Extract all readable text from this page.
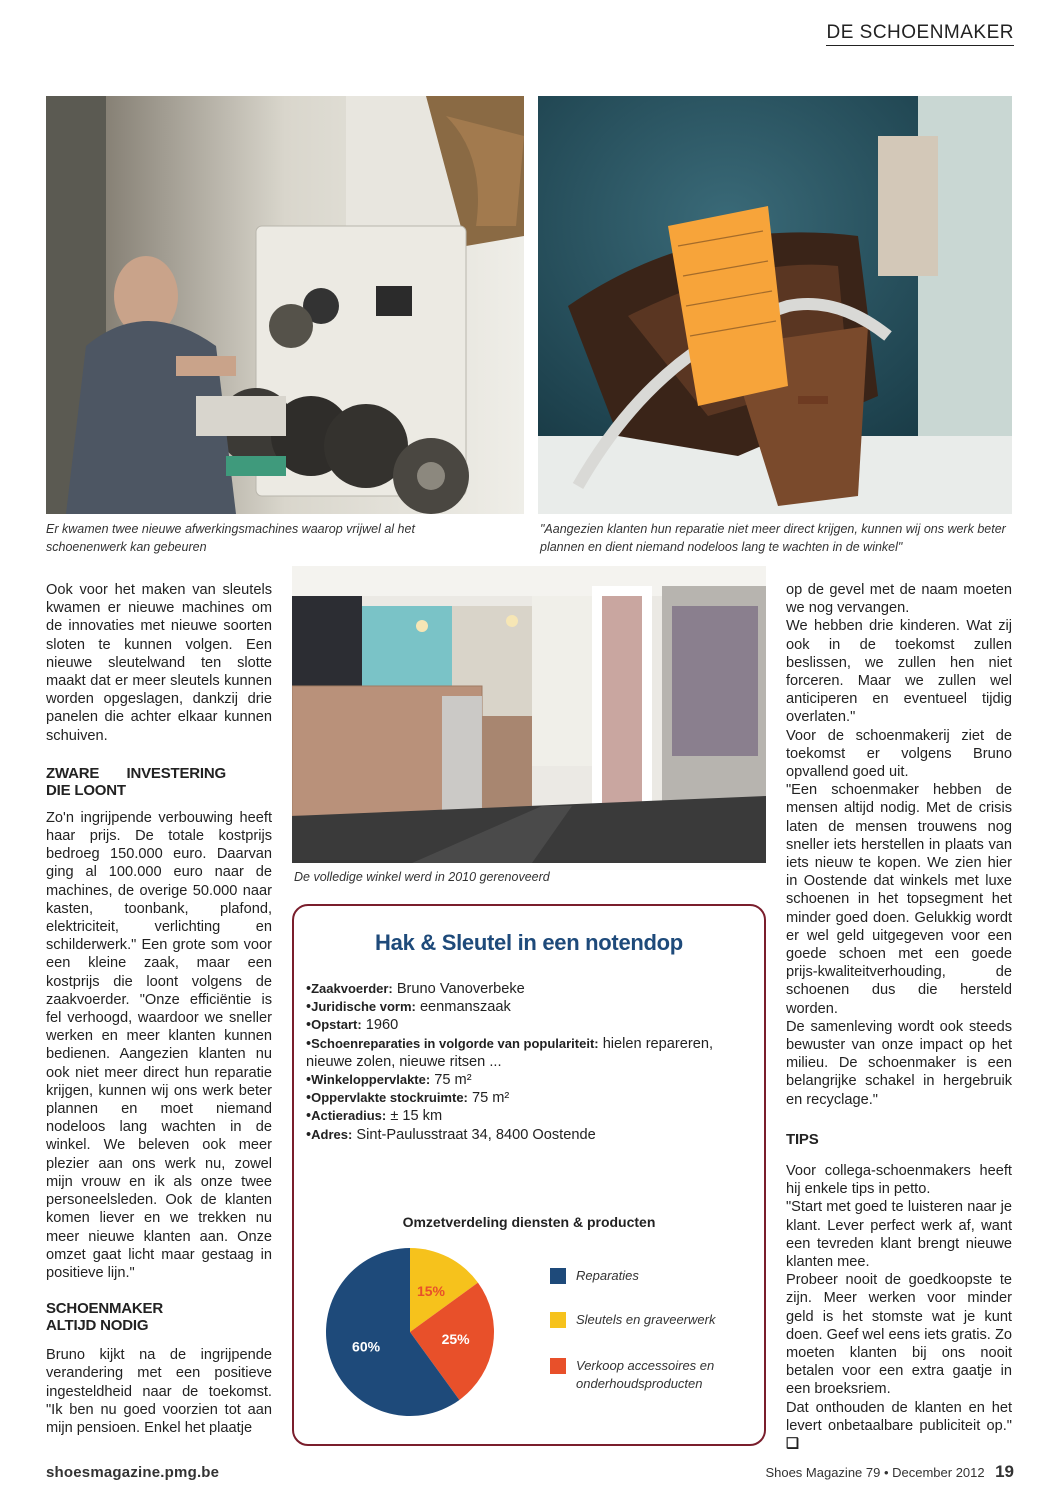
DE SCHOENMAKER
Er kwamen twee nieuwe afwerkingsmachines waarop vrijwel al het schoenenwerk kan gebeuren
"Aangezien klanten hun reparatie niet meer direct krijgen, kunnen wij ons werk beter plannen en dient niemand nodeloos lang te wachten in de winkel"

Ook voor het maken van sleutels kwamen er nieuwe machines om de innovaties met nieuwe soorten sloten te kunnen volgen. Een nieuwe sleutelwand ten slotte maakt dat er meer sleutels kunnen worden opgeslagen, dankzij drie panelen die achter elkaar kunnen schuiven.

ZWARE INVESTERING DIE LOONT

Zo'n ingrijpende verbouwing heeft haar prijs. De totale kostprijs bedroeg 150.000 euro. Daarvan ging al 100.000 euro naar de machines, de overige 50.000 naar kasten, toonbank, plafond, elektriciteit, verlichting en schilderwerk." Een grote som voor een kleine zaak, maar een kostprijs die loont volgens de zaakvoerder. "Onze efficiëntie is fel verhoogd, waardoor we sneller werken en meer klanten kunnen bedienen. Aangezien klanten nu ook niet meer direct hun reparatie krijgen, kunnen wij ons werk beter plannen en moet niemand nodeloos lang wachten in de winkel. We beleven ook meer plezier aan ons werk nu, zowel mijn vrouw en ik als onze twee personeelsleden. Ook de klanten komen liever en we trekken nu meer nieuwe klanten aan. Onze omzet gaat licht maar gestaag in positieve lijn."

SCHOENMAKER ALTIJD NODIG

Bruno kijkt na de ingrijpende verandering met een positieve ingesteldheid naar de toekomst. "Ik ben nu goed voorzien tot aan mijn pensioen. Enkel het plaatje

De volledige winkel werd in 2010 gerenoveerd
Hak & Sleutel in een notendop
•Zaakvoerder: Bruno Vanoverbeke
•Juridische vorm: eenmanszaak
•Opstart: 1960
•Schoenreparaties in volgorde van populariteit: hielen repareren, nieuwe zolen, nieuwe ritsen ...
•Winkeloppervlakte: 75 m²
•Oppervlakte stockruimte: 75 m²
•Actieradius: ± 15 km
•Adres: Sint-Paulusstraat 34, 8400 Oostende
Omzetverdeling diensten & producten
15%
25%
60%
Reparaties
Sleutels en graveerwerk
Verkoop accessoires en onderhoudsproducten

op de gevel met de naam moeten we nog vervangen.

We hebben drie kinderen. Wat zij ook in de toekomst zullen beslissen, we zullen hen niet forceren. Maar we zullen wel anticiperen en eventueel tijdig overlaten."

Voor de schoenmakerij ziet de toekomst er volgens Bruno opvallend goed uit.

"Een schoenmaker hebben de mensen altijd nodig. Met de crisis laten de mensen trouwens nog sneller iets herstellen in plaats van iets nieuw te kopen. We zien hier in Oostende dat winkels met luxe schoenen in het topsegment het minder goed doen. Gelukkig wordt er wel geld uitgegeven voor een goede schoen met een goede prijs-kwaliteitverhouding, de schoenen dus die hersteld worden.

De samenleving wordt ook steeds bewuster van onze impact op het milieu. De schoenmaker is een belangrijke schakel in hergebruik en recyclage."

TIPS

Voor collega-schoenmakers heeft hij enkele tips in petto.

"Start met goed te luisteren naar je klant. Lever perfect werk af, want een tevreden klant brengt nieuwe klanten mee.

Probeer nooit de goedkoopste te zijn. Meer werken voor minder geld is het stomste wat je kunt doen. Geef wel eens iets gratis. Zo moeten klanten bij ons nooit betalen voor een extra gaatje in een broeksriem.

Dat onthouden de klanten en het levert onbetaalbare publiciteit op." ❑

shoesmagazine.pmg.be	Shoes Magazine 79 • December 2012 19
